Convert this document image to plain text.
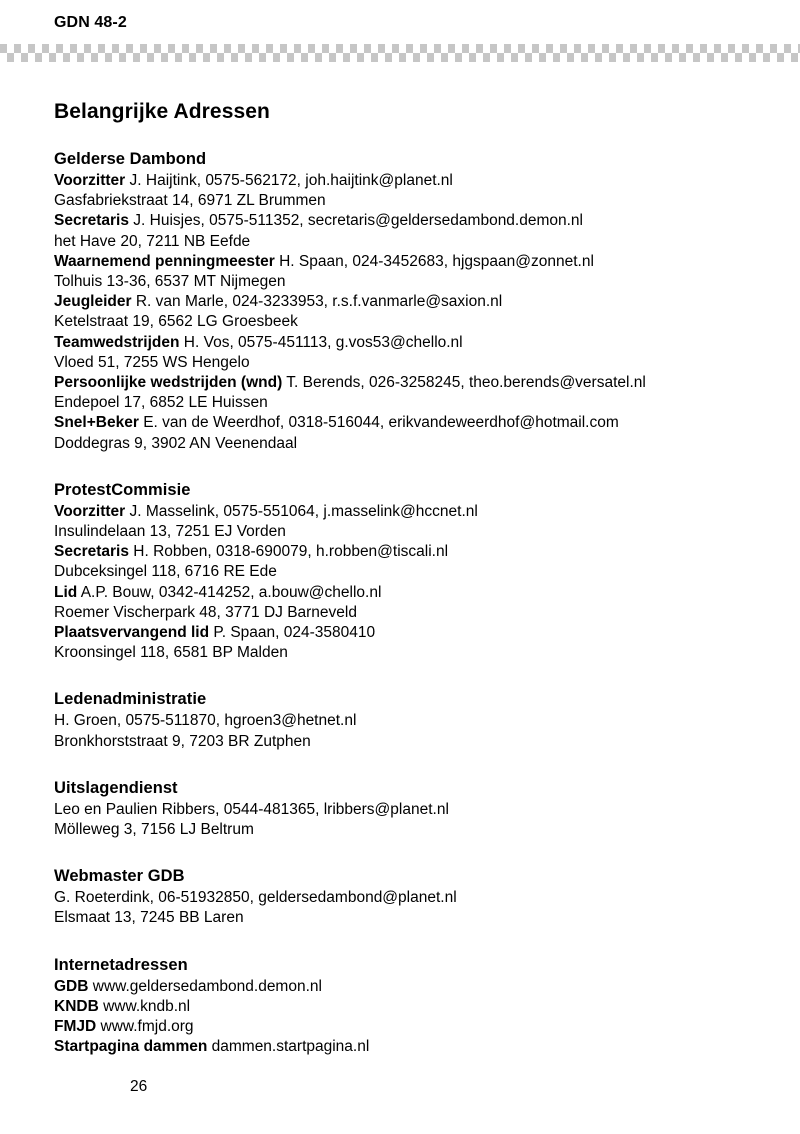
GDN 48-2
Belangrijke Adressen
Gelderse Dambond
Voorzitter J. Haijtink, 0575-562172, joh.haijtink@planet.nl
Gasfabriekstraat 14, 6971 ZL Brummen
Secretaris J. Huisjes, 0575-511352, secretaris@geldersedambond.demon.nl
het Have 20, 7211 NB Eefde
Waarnemend penningmeester H. Spaan, 024-3452683, hjgspaan@zonnet.nl
Tolhuis 13-36, 6537 MT Nijmegen
Jeugleider R. van Marle, 024-3233953, r.s.f.vanmarle@saxion.nl
Ketelstraat 19, 6562 LG Groesbeek
Teamwedstrijden H. Vos, 0575-451113, g.vos53@chello.nl
Vloed 51, 7255 WS Hengelo
Persoonlijke wedstrijden (wnd) T. Berends, 026-3258245, theo.berends@versatel.nl
Endepoel 17, 6852 LE Huissen
Snel+Beker E. van de Weerdhof, 0318-516044, erikvandeweerdhof@hotmail.com
Doddegras 9, 3902 AN Veenendaal
ProtestCommisie
Voorzitter J. Masselink, 0575-551064, j.masselink@hccnet.nl
Insulindelaan 13, 7251 EJ Vorden
Secretaris H. Robben, 0318-690079, h.robben@tiscali.nl
Dubceksingel 118, 6716 RE Ede
Lid A.P. Bouw, 0342-414252, a.bouw@chello.nl
Roemer Vischerpark 48, 3771 DJ Barneveld
Plaatsvervangend lid P. Spaan, 024-3580410
Kroonsingel 118, 6581 BP Malden
Ledenadministratie
H. Groen, 0575-511870, hgroen3@hetnet.nl
Bronkhorststraat 9, 7203 BR Zutphen
Uitslagendienst
Leo en Paulien Ribbers, 0544-481365, lribbers@planet.nl
Mölleweg 3, 7156 LJ Beltrum
Webmaster GDB
G. Roeterdink, 06-51932850, geldersedambond@planet.nl
Elsmaat 13, 7245 BB Laren
Internetadressen
GDB www.geldersedambond.demon.nl
KNDB www.kndb.nl
FMJD www.fmjd.org
Startpagina dammen dammen.startpagina.nl
26
